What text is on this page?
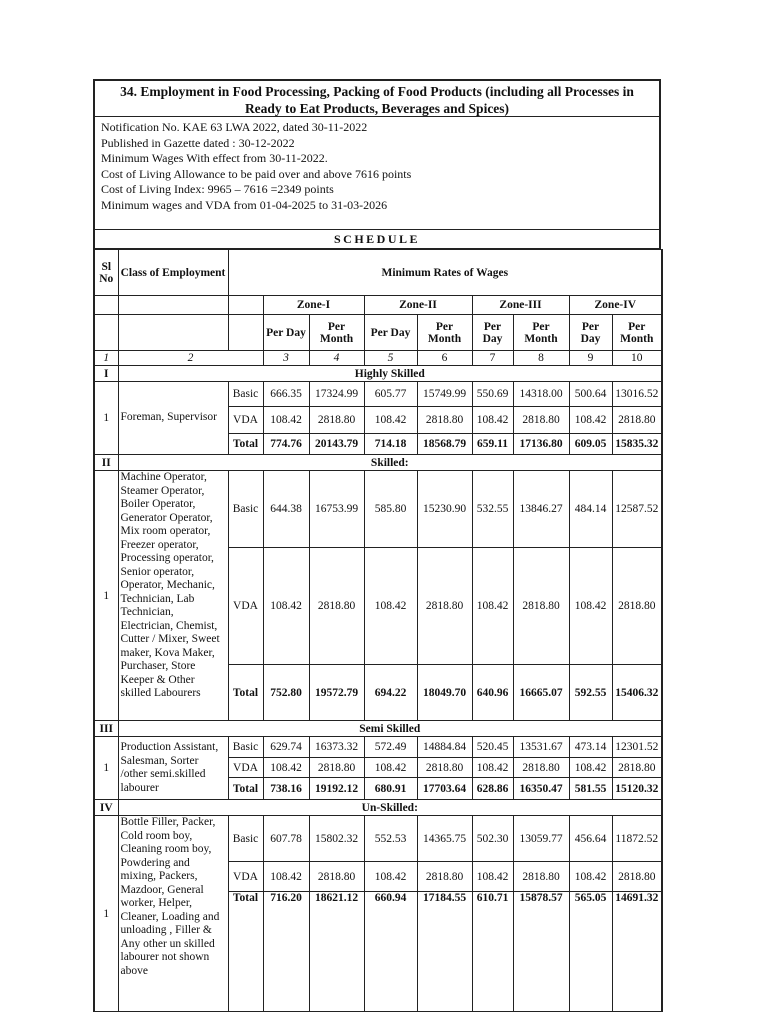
34. Employment in Food Processing, Packing of Food Products (including all Processes in
Ready to Eat Products, Beverages and Spices)
Notification No. KAE 63 LWA 2022, dated 30-11-2022
Published in Gazette dated : 30-12-2022
Minimum Wages With effect from 30-11-2022.
Cost of Living Allowance to be paid over and above 7616 points
Cost of Living Index: 9965 – 7616 =2349 points
Minimum wages and VDA from 01-04-2025 to 31-03-2026
SCHEDULE
Sl No	Class of Employment	Minimum Rates of Wages								
			Zone-I		Zone-II		Zone-III		Zone-IV	
			Per Day	Per Month	Per Day	Per Month	Per Day	Per Month	Per Day	Per Month
1	2		3	4	5	6	7	8	9	10
I	Highly Skilled									
1	Foreman, Supervisor	Basic	666.35	17324.99	605.77	15749.99	550.69	14318.00	500.64	13016.52
		VDA	108.42	2818.80	108.42	2818.80	108.42	2818.80	108.42	2818.80
		Total	774.76	20143.79	714.18	18568.79	659.11	17136.80	609.05	15835.32
II	Skilled:									
1	Machine Operator, Steamer Operator, Boiler Operator, Generator Operator, Mix room operator, Freezer operator, Processing operator, Senior operator, Operator, Mechanic, Technician, Lab Technician, Electrician, Chemist, Cutter / Mixer, Sweet maker, Kova Maker, Purchaser, Store Keeper & Other skilled Labourers	Basic	644.38	16753.99	585.80	15230.90	532.55	13846.27	484.14	12587.52
		VDA	108.42	2818.80	108.42	2818.80	108.42	2818.80	108.42	2818.80
		Total	752.80	19572.79	694.22	18049.70	640.96	16665.07	592.55	15406.32
III	Semi Skilled									
1	Production Assistant, Salesman, Sorter /other semi.skilled labourer	Basic	629.74	16373.32	572.49	14884.84	520.45	13531.67	473.14	12301.52
		VDA	108.42	2818.80	108.42	2818.80	108.42	2818.80	108.42	2818.80
		Total	738.16	19192.12	680.91	17703.64	628.86	16350.47	581.55	15120.32
IV	Un-Skilled:									
1	Bottle Filler, Packer, Cold room boy, Cleaning room boy, Powdering and mixing, Packers, Mazdoor, General worker, Helper, Cleaner, Loading and unloading , Filler & Any other un skilled labourer not shown above	Basic	607.78	15802.32	552.53	14365.75	502.30	13059.77	456.64	11872.52
		VDA	108.42	2818.80	108.42	2818.80	108.42	2818.80	108.42	2818.80
		Total	716.20	18621.12	660.94	17184.55	610.71	15878.57	565.05	14691.32
